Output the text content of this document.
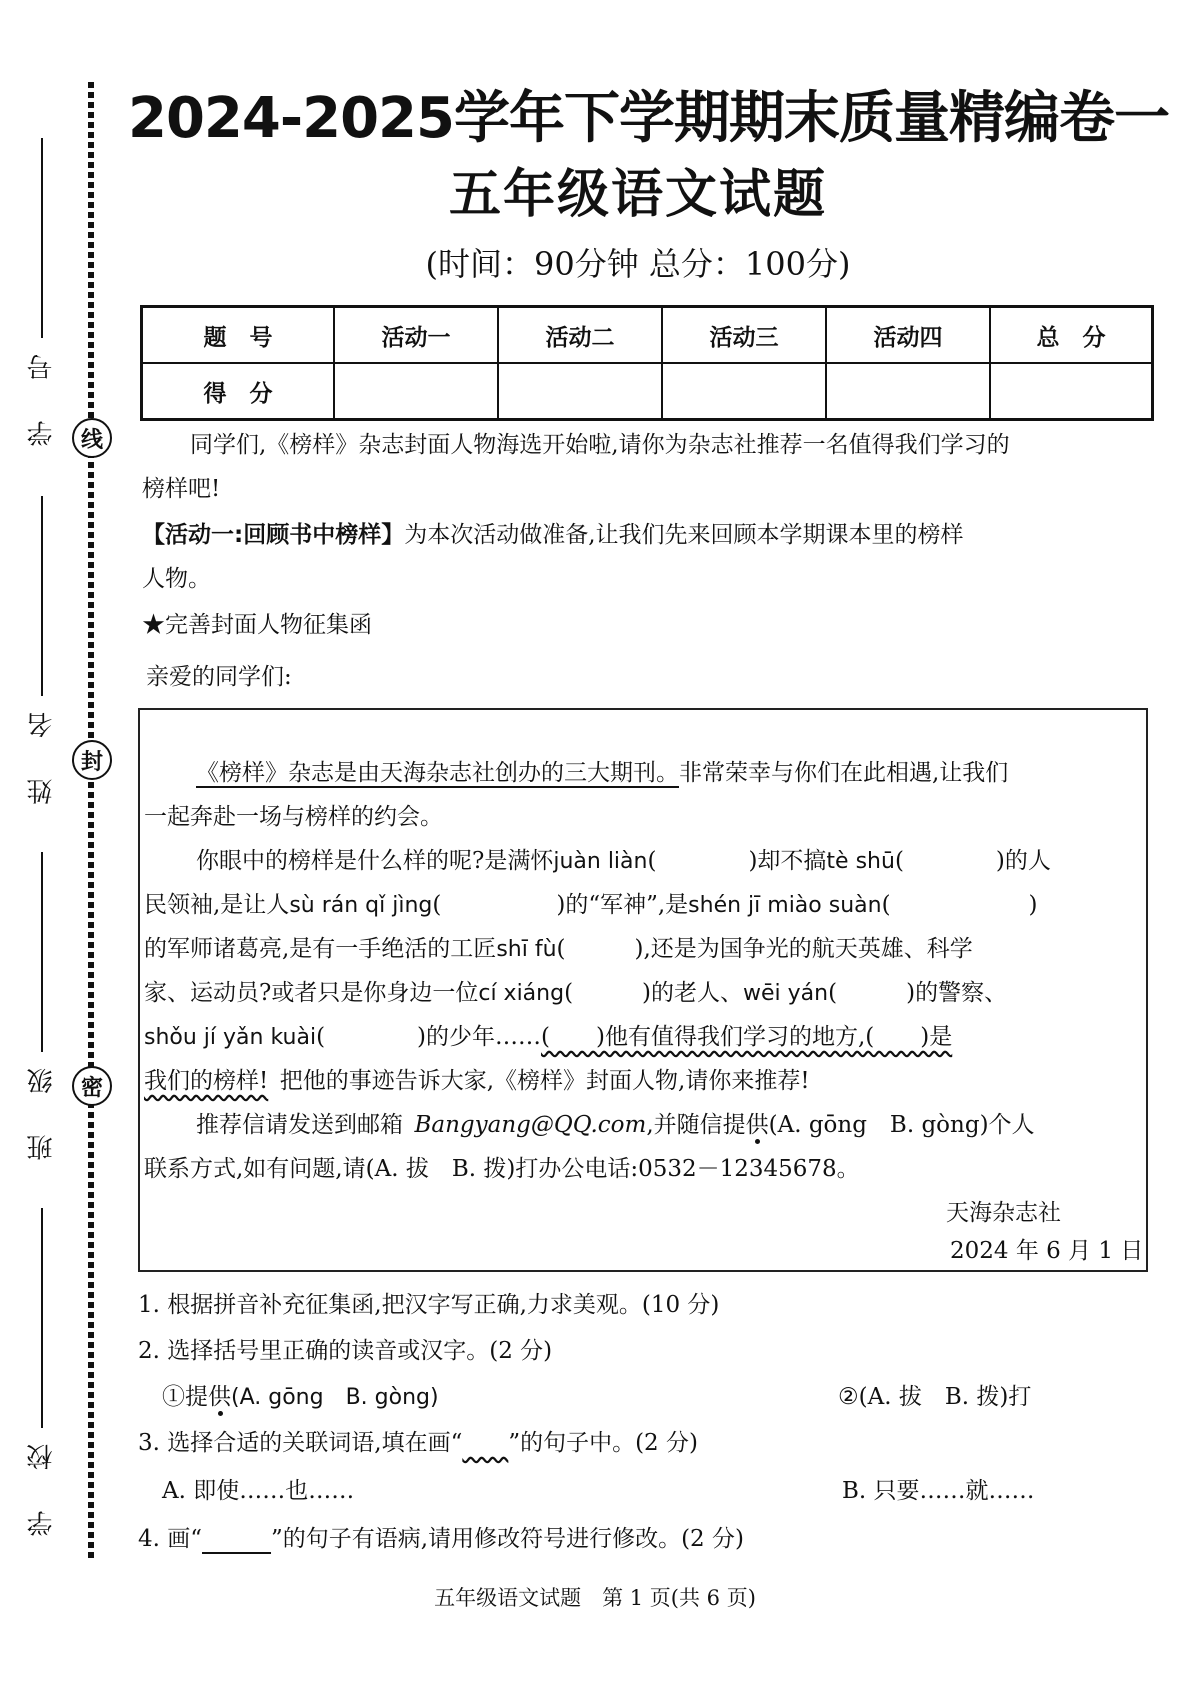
学 号	线
姓 名	封
班 级	密
学 校
2024-2025学年下学期期末质量精编卷一
五年级语文试题
(时间：90分钟 总分：100分)
题　号	活动一	活动二	活动三	活动四	总　分
得　分					
同学们,《榜样》杂志封面人物海选开始啦,请你为杂志社推荐一名值得我们学习的
榜样吧!
【活动一:回顾书中榜样】为本次活动做准备,让我们先来回顾本学期课本里的榜样
人物。
★完善封面人物征集函
亲爱的同学们:
《榜样》杂志是由天海杂志社创办的三大期刊。非常荣幸与你们在此相遇,让我们
一起奔赴一场与榜样的约会。
你眼中的榜样是什么样的呢?是满怀juàn liàn(　　　　)却不搞tè shū(　　　　)的人
民领袖,是让人sù rán qǐ jìng(　　　　　)的“军神”,是shén jī miào suàn(　　　　　　)
的军师诸葛亮,是有一手绝活的工匠shī fù(　　　),还是为国争光的航天英雄、科学
家、运动员?或者只是你身边一位cí xiáng(　　　)的老人、wēi yán(　　　)的警察、
shǒu jí yǎn kuài(　　　　)的少年……(　　)他有值得我们学习的地方,(　　)是
我们的榜样!  把他的事迹告诉大家,《榜样》封面人物,请你来推荐!
推荐信请发送到邮箱  Bangyang@QQ.com,并随信提供(A. gōng　B. gòng)个人
联系方式,如有问题,请(A. 拔　B. 拨)打办公电话:0532－12345678。
天海杂志社
2024 年 6 月 1 日
1. 根据拼音补充征集函,把汉字写正确,力求美观。(10 分)
2. 选择括号里正确的读音或汉字。(2 分)
①提供(A. gōng　B. gòng)	②(A. 拔　B. 拨)打
3. 选择合适的关联词语,填在画“　　 ”的句子中。(2 分)
A. 即使……也……	B. 只要……就……
4. 画“　　　	”的句子有语病,请用修改符号进行修改。(2 分)
五年级语文试题　第 1 页(共 6 页)
